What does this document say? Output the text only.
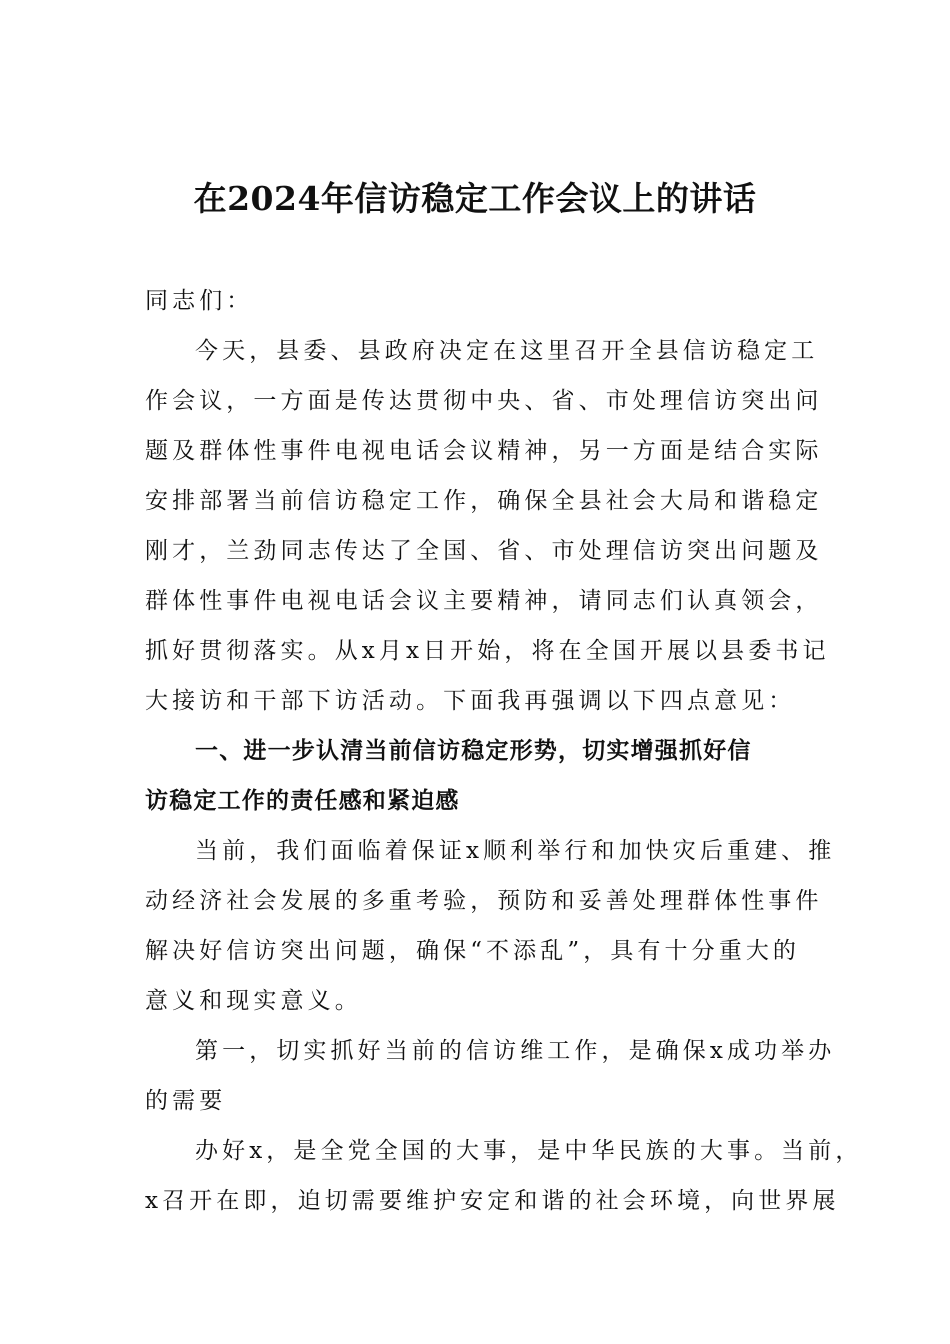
在2024年信访稳定工作会议上的讲话
同志们：
今天，县委、县政府决定在这里召开全县信访稳定工
作会议，一方面是传达贯彻中央、省、市处理信访突出问
题及群体性事件电视电话会议精神，另一方面是结合实际
安排部署当前信访稳定工作，确保全县社会大局和谐稳定
刚才，兰劲同志传达了全国、省、市处理信访突出问题及
群体性事件电视电话会议主要精神，请同志们认真领会，
抓好贯彻落实。从x月x日开始，将在全国开展以县委书记
大接访和干部下访活动。下面我再强调以下四点意见：
一、进一步认清当前信访稳定形势，切实增强抓好信
访稳定工作的责任感和紧迫感
当前，我们面临着保证x顺利举行和加快灾后重建、推
动经济社会发展的多重考验，预防和妥善处理群体性事件
解决好信访突出问题，确保“不添乱”，具有十分重大的
意义和现实意义。
第一，切实抓好当前的信访维工作，是确保x成功举办
的需要
办好x，是全党全国的大事，是中华民族的大事。当前，
x召开在即，迫切需要维护安定和谐的社会环境，向世界展
